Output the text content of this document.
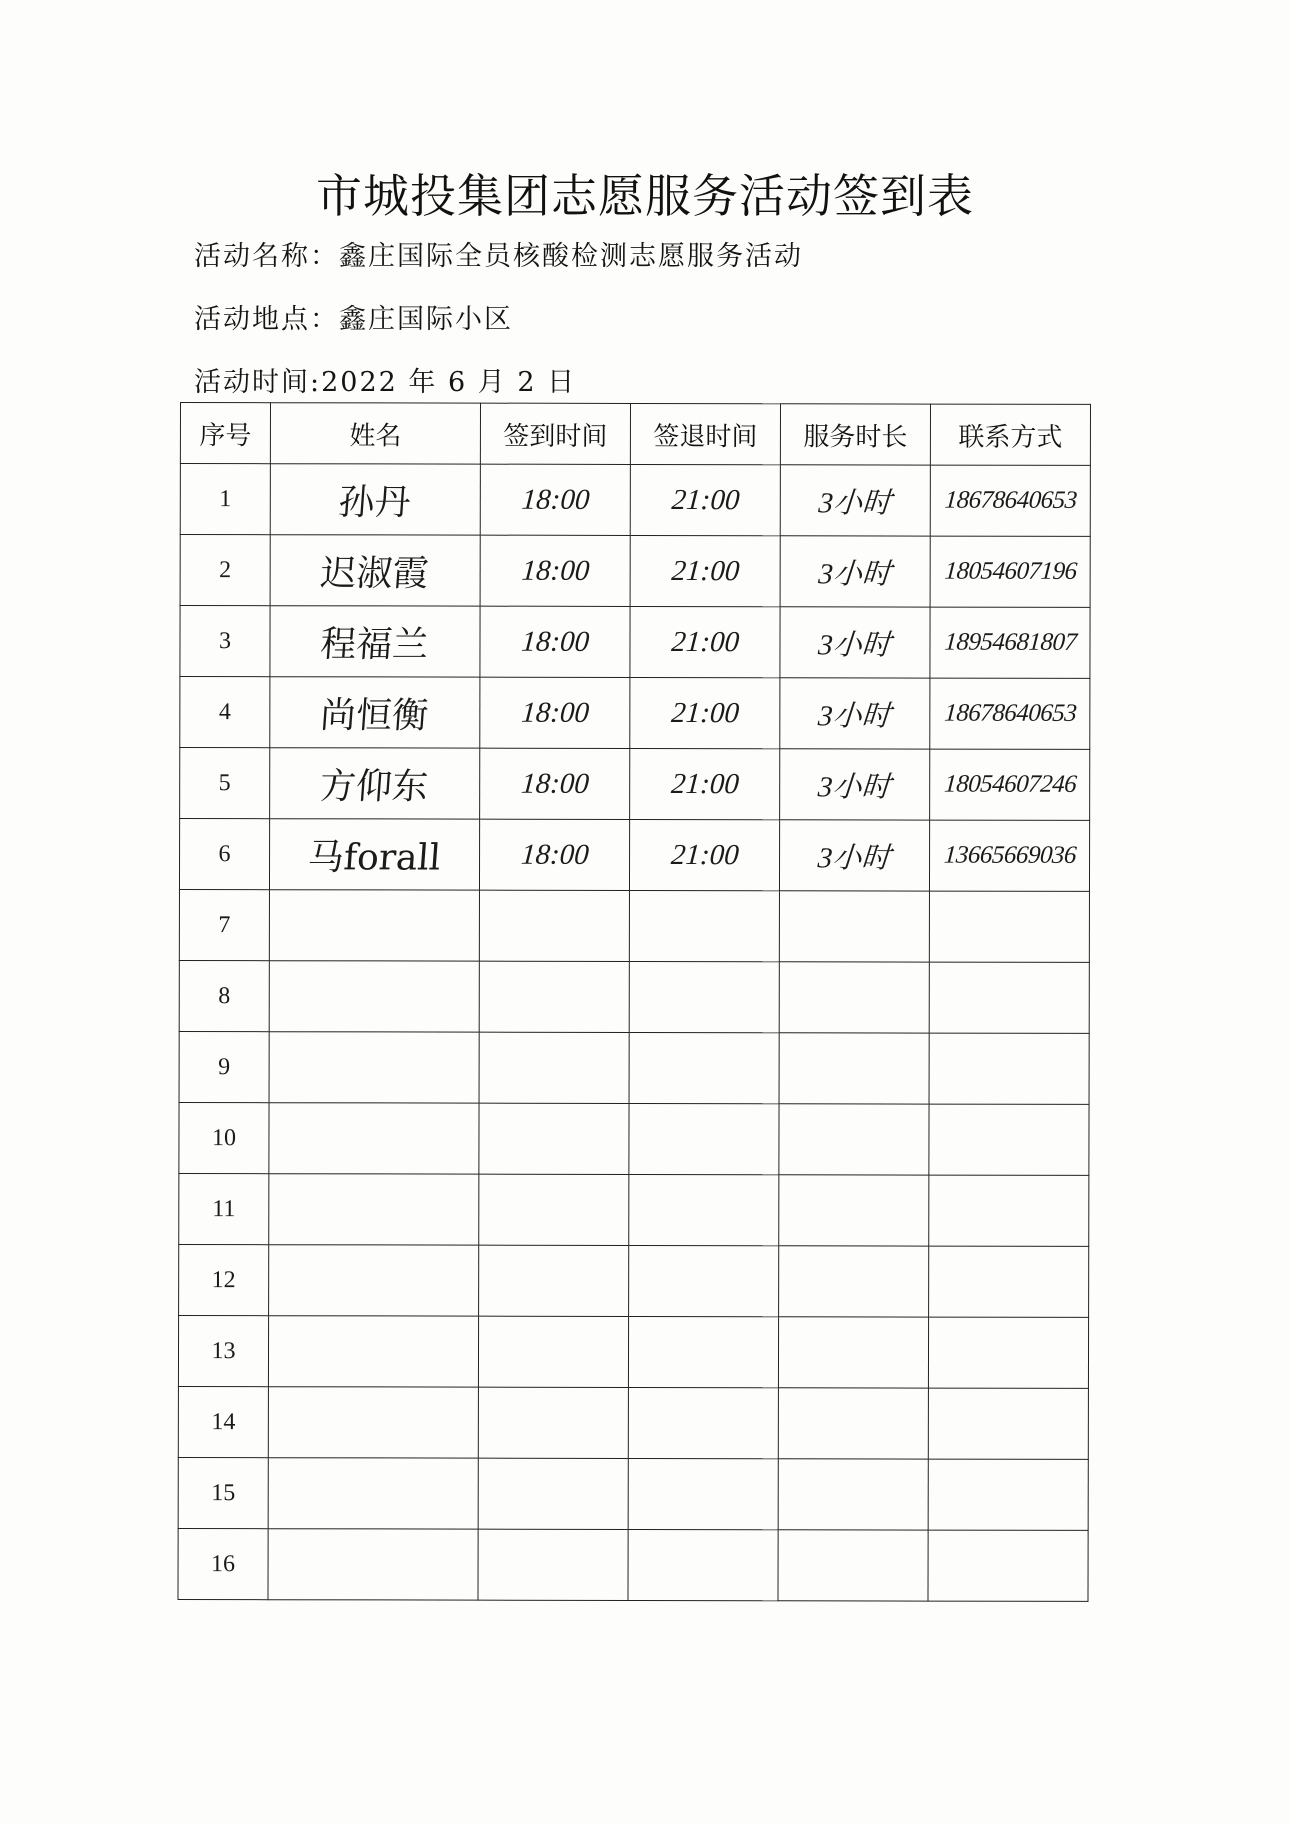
市城投集团志愿服务活动签到表
活动名称：鑫庄国际全员核酸检测志愿服务活动
活动地点：鑫庄国际小区
活动时间:2022 年 6 月 2 日
序号	姓名	签到时间	签退时间	服务时长	联系方式
1	孙丹	18:00	21:00	3小时	18678640653
2	迟淑霞	18:00	21:00	3小时	18054607196
3	程福兰	18:00	21:00	3小时	18954681807
4	尚恒衡	18:00	21:00	3小时	18678640653
5	方仰东	18:00	21:00	3小时	18054607246
6	马forall	18:00	21:00	3小时	13665669036
7					
8					
9					
10					
11					
12					
13					
14					
15					
16					
